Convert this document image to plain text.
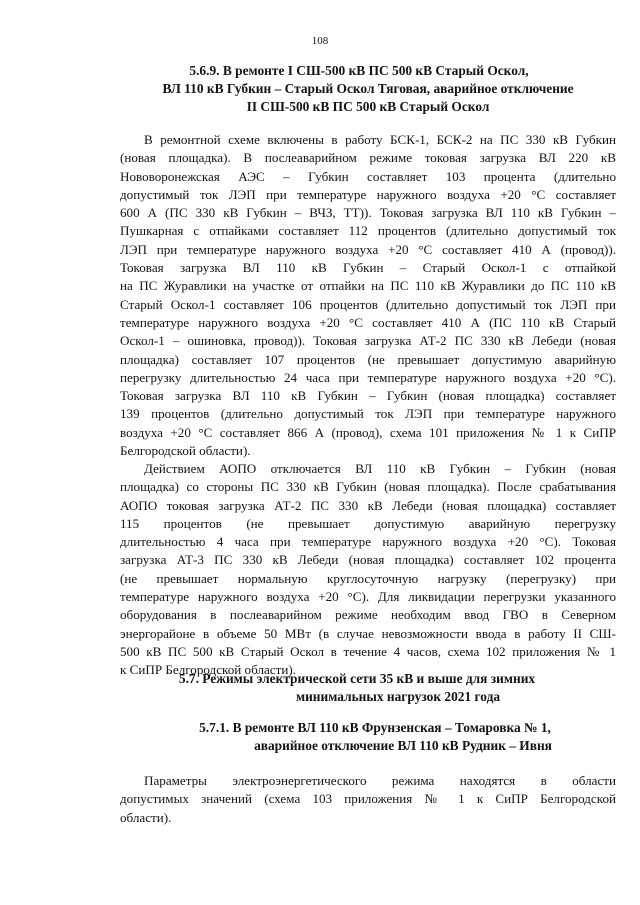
108
5.6.9. В ремонте I СШ-500 кВ ПС 500 кВ Старый Оскол,
ВЛ 110 кВ Губкин – Старый Оскол Тяговая, аварийное отключение
II СШ-500 кВ ПС 500 кВ Старый Оскол
В ремонтной схеме включены в работу БСК-1, БСК-2 на ПС 330 кВ Губкин
(новая площадка). В послеаварийном режиме токовая загрузка ВЛ 220 кВ
Нововоронежская АЭС – Губкин составляет 103 процента (длительно
допустимый ток ЛЭП при температуре наружного воздуха +20 °С составляет
600 А (ПС 330 кВ Губкин – ВЧЗ, ТТ)). Токовая загрузка ВЛ 110 кВ Губкин –
Пушкарная с отпайками составляет 112 процентов (длительно допустимый ток
ЛЭП при температуре наружного воздуха +20 °С составляет 410 А (провод)).
Токовая загрузка ВЛ 110 кВ Губкин – Старый Оскол-1 с отпайкой
на ПС Журавлики на участке от отпайки на ПС 110 кВ Журавлики до ПС 110 кВ
Старый Оскол-1 составляет 106 процентов (длительно допустимый ток ЛЭП при
температуре наружного воздуха +20 °С составляет 410 А (ПС 110 кВ Старый
Оскол-1 – ошиновка, провод)). Токовая загрузка АТ-2 ПС 330 кВ Лебеди (новая
площадка) составляет 107 процентов (не превышает допустимую аварийную
перегрузку длительностью 24 часа при температуре наружного воздуха +20 °С).
Токовая загрузка ВЛ 110 кВ Губкин – Губкин (новая площадка) составляет
139 процентов (длительно допустимый ток ЛЭП при температуре наружного
воздуха +20 °С составляет 866 А (провод), схема 101 приложения № 1 к СиПР
Белгородской области).
Действием АОПО отключается ВЛ 110 кВ Губкин – Губкин (новая
площадка) со стороны ПС 330 кВ Губкин (новая площадка). После срабатывания
АОПО токовая загрузка АТ-2 ПС 330 кВ Лебеди (новая площадка) составляет
115 процентов (не превышает допустимую аварийную перегрузку
длительностью 4 часа при температуре наружного воздуха +20 °С). Токовая
загрузка АТ-3 ПС 330 кВ Лебеди (новая площадка) составляет 102 процента
(не превышает нормальную круглосуточную нагрузку (перегрузку) при
температуре наружного воздуха +20 °С). Для ликвидации перегрузки указанного
оборудования в послеаварийном режиме необходим ввод ГВО в Северном
энергорайоне в объеме 50 МВт (в случае невозможности ввода в работу II СШ-
500 кВ ПС 500 кВ Старый Оскол в течение 4 часов, схема 102 приложения № 1
к СиПР Белгородской области).
5.7. Режимы электрической сети 35 кВ и выше для зимних
минимальных нагрузок 2021 года
5.7.1. В ремонте ВЛ 110 кВ Фрунзенская – Томаровка № 1,
аварийное отключение ВЛ 110 кВ Рудник – Ивня
Параметры электроэнергетического режима находятся в области
допустимых значений (схема 103 приложения № 1 к СиПР Белгородской
области).
